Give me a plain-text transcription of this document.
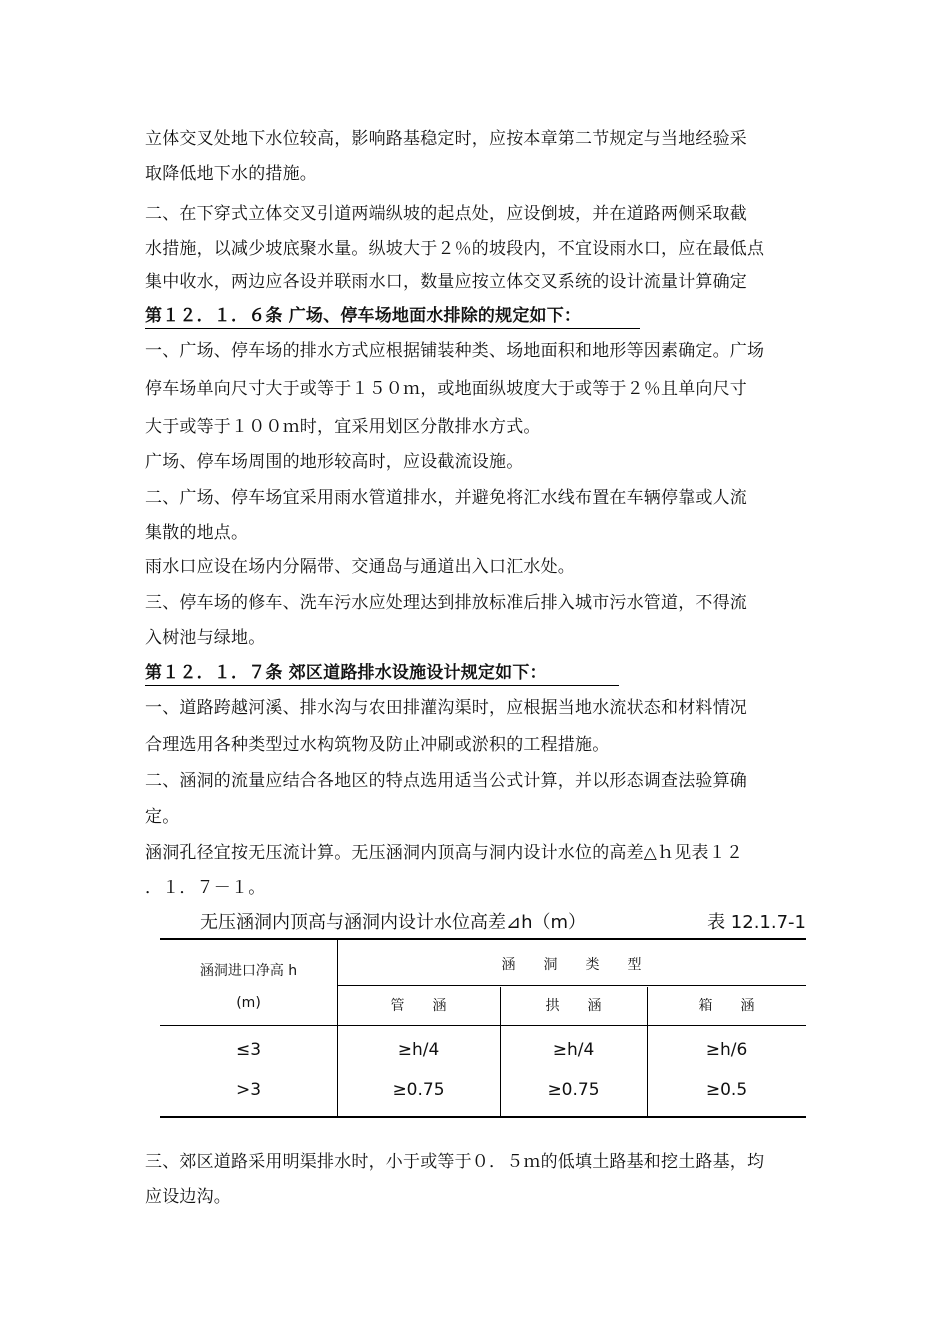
立体交叉处地下水位较高，影响路基稳定时，应按本章第二节规定与当地经验采
取降低地下水的措施。
二、在下穿式立体交叉引道两端纵坡的起点处，应设倒坡，并在道路两侧采取截
水措施，以减少坡底聚水量。纵坡大于２％的坡段内，不宜设雨水口，应在最低点
集中收水，两边应各设并联雨水口，数量应按立体交叉系统的设计流量计算确定
第１２．１．６条 广场、停车场地面水排除的规定如下：
一、广场、停车场的排水方式应根据铺装种类、场地面积和地形等因素确定。广场
停车场单向尺寸大于或等于１５０ｍ，或地面纵坡度大于或等于２％且单向尺寸
大于或等于１００ｍ时，宜采用划区分散排水方式。
广场、停车场周围的地形较高时，应设截流设施。
二、广场、停车场宜采用雨水管道排水，并避免将汇水线布置在车辆停靠或人流
集散的地点。
雨水口应设在场内分隔带、交通岛与通道出入口汇水处。
三、停车场的修车、洗车污水应处理达到排放标准后排入城市污水管道，不得流
入树池与绿地。
第１２．１．７条 郊区道路排水设施设计规定如下：
一、道路跨越河溪、排水沟与农田排灌沟渠时，应根据当地水流状态和材料情况
合理选用各种类型过水构筑物及防止冲刷或淤积的工程措施。
二、涵洞的流量应结合各地区的特点选用适当公式计算，并以形态调查法验算确
定。
涵洞孔径宜按无压流计算。无压涵洞内顶高与洞内设计水位的高差△ｈ见表１２
．１．７－１。
无压涵洞内顶高与涵洞内设计水位高差⊿h（m）	表 12.1.7-1
涵洞进口净高 h
(m)
涵　　洞　　类　　型
管　　涵	拱　　涵	箱　　涵
≤3	≥h/4	≥h/4	≥h/6
>3	≥0.75	≥0.75	≥0.5
三、郊区道路采用明渠排水时，小于或等于０．５ｍ的低填土路基和挖土路基，均
应设边沟。
